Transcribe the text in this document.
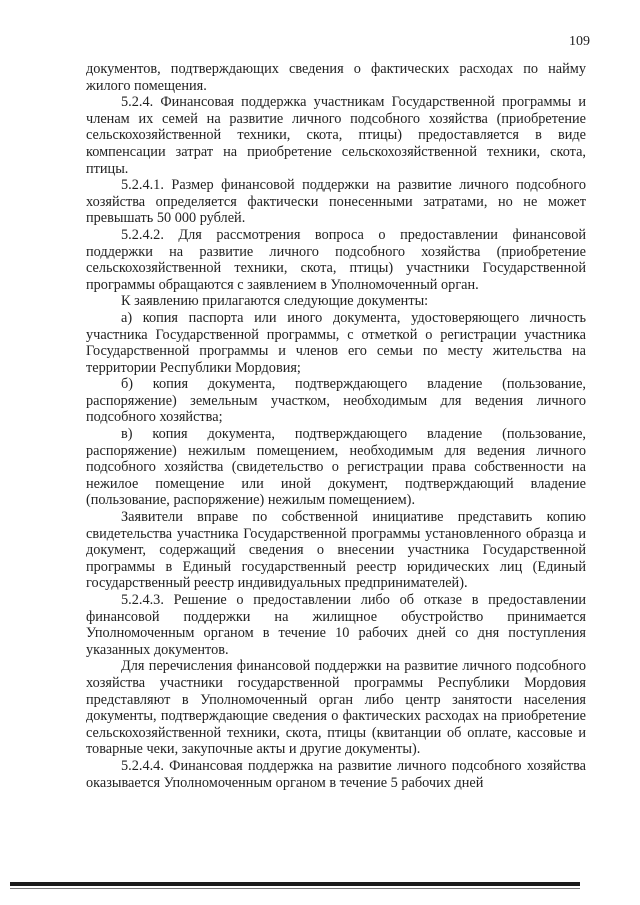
109

документов, подтверждающих сведения о фактических расходах по найму жилого помещения.

5.2.4. Финансовая поддержка участникам Государственной программы и членам их семей на развитие личного подсобного хозяйства (приобретение сельскохозяйственной техники, скота, птицы) предоставляется в виде компенсации затрат на приобретение сельскохозяйственной техники, скота, птицы.

5.2.4.1. Размер финансовой поддержки на развитие личного подсобного хозяйства определяется фактически понесенными затратами, но не может превышать 50 000 рублей.

5.2.4.2. Для рассмотрения вопроса о предоставлении финансовой поддержки на развитие личного подсобного хозяйства (приобретение сельскохозяйственной техники, скота, птицы) участники Государственной программы обращаются с заявлением в Уполномоченный орган.

К заявлению прилагаются следующие документы:

а) копия паспорта или иного документа, удостоверяющего личность участника Государственной программы, с отметкой о регистрации участника Государственной программы и членов его семьи по месту жительства на территории Республики Мордовия;

б) копия документа, подтверждающего владение (пользование, распоряжение) земельным участком, необходимым для ведения личного подсобного хозяйства;

в) копия документа, подтверждающего владение (пользование, распоряжение) нежилым помещением, необходимым для ведения личного подсобного хозяйства (свидетельство о регистрации права собственности на нежилое помещение или иной документ, подтверждающий владение (пользование, распоряжение) нежилым помещением).

Заявители вправе по собственной инициативе представить копию свидетельства участника Государственной программы установленного образца и документ, содержащий сведения о внесении участника Государственной программы в Единый государственный реестр юридических лиц (Единый государственный реестр индивидуальных предпринимателей).

5.2.4.3. Решение о предоставлении либо об отказе в предоставлении финансовой поддержки на жилищное обустройство принимается Уполномоченным органом в течение 10 рабочих дней со дня поступления указанных документов.

Для перечисления финансовой поддержки на развитие личного подсобного хозяйства участники государственной программы Республики Мордовия представляют в Уполномоченный орган либо центр занятости населения документы, подтверждающие сведения о фактических расходах на приобретение сельскохозяйственной техники, скота, птицы (квитанции об оплате, кассовые и товарные чеки, закупочные акты и другие документы).

5.2.4.4. Финансовая поддержка на развитие личного подсобного хозяйства оказывается Уполномоченным органом в течение 5 рабочих дней
